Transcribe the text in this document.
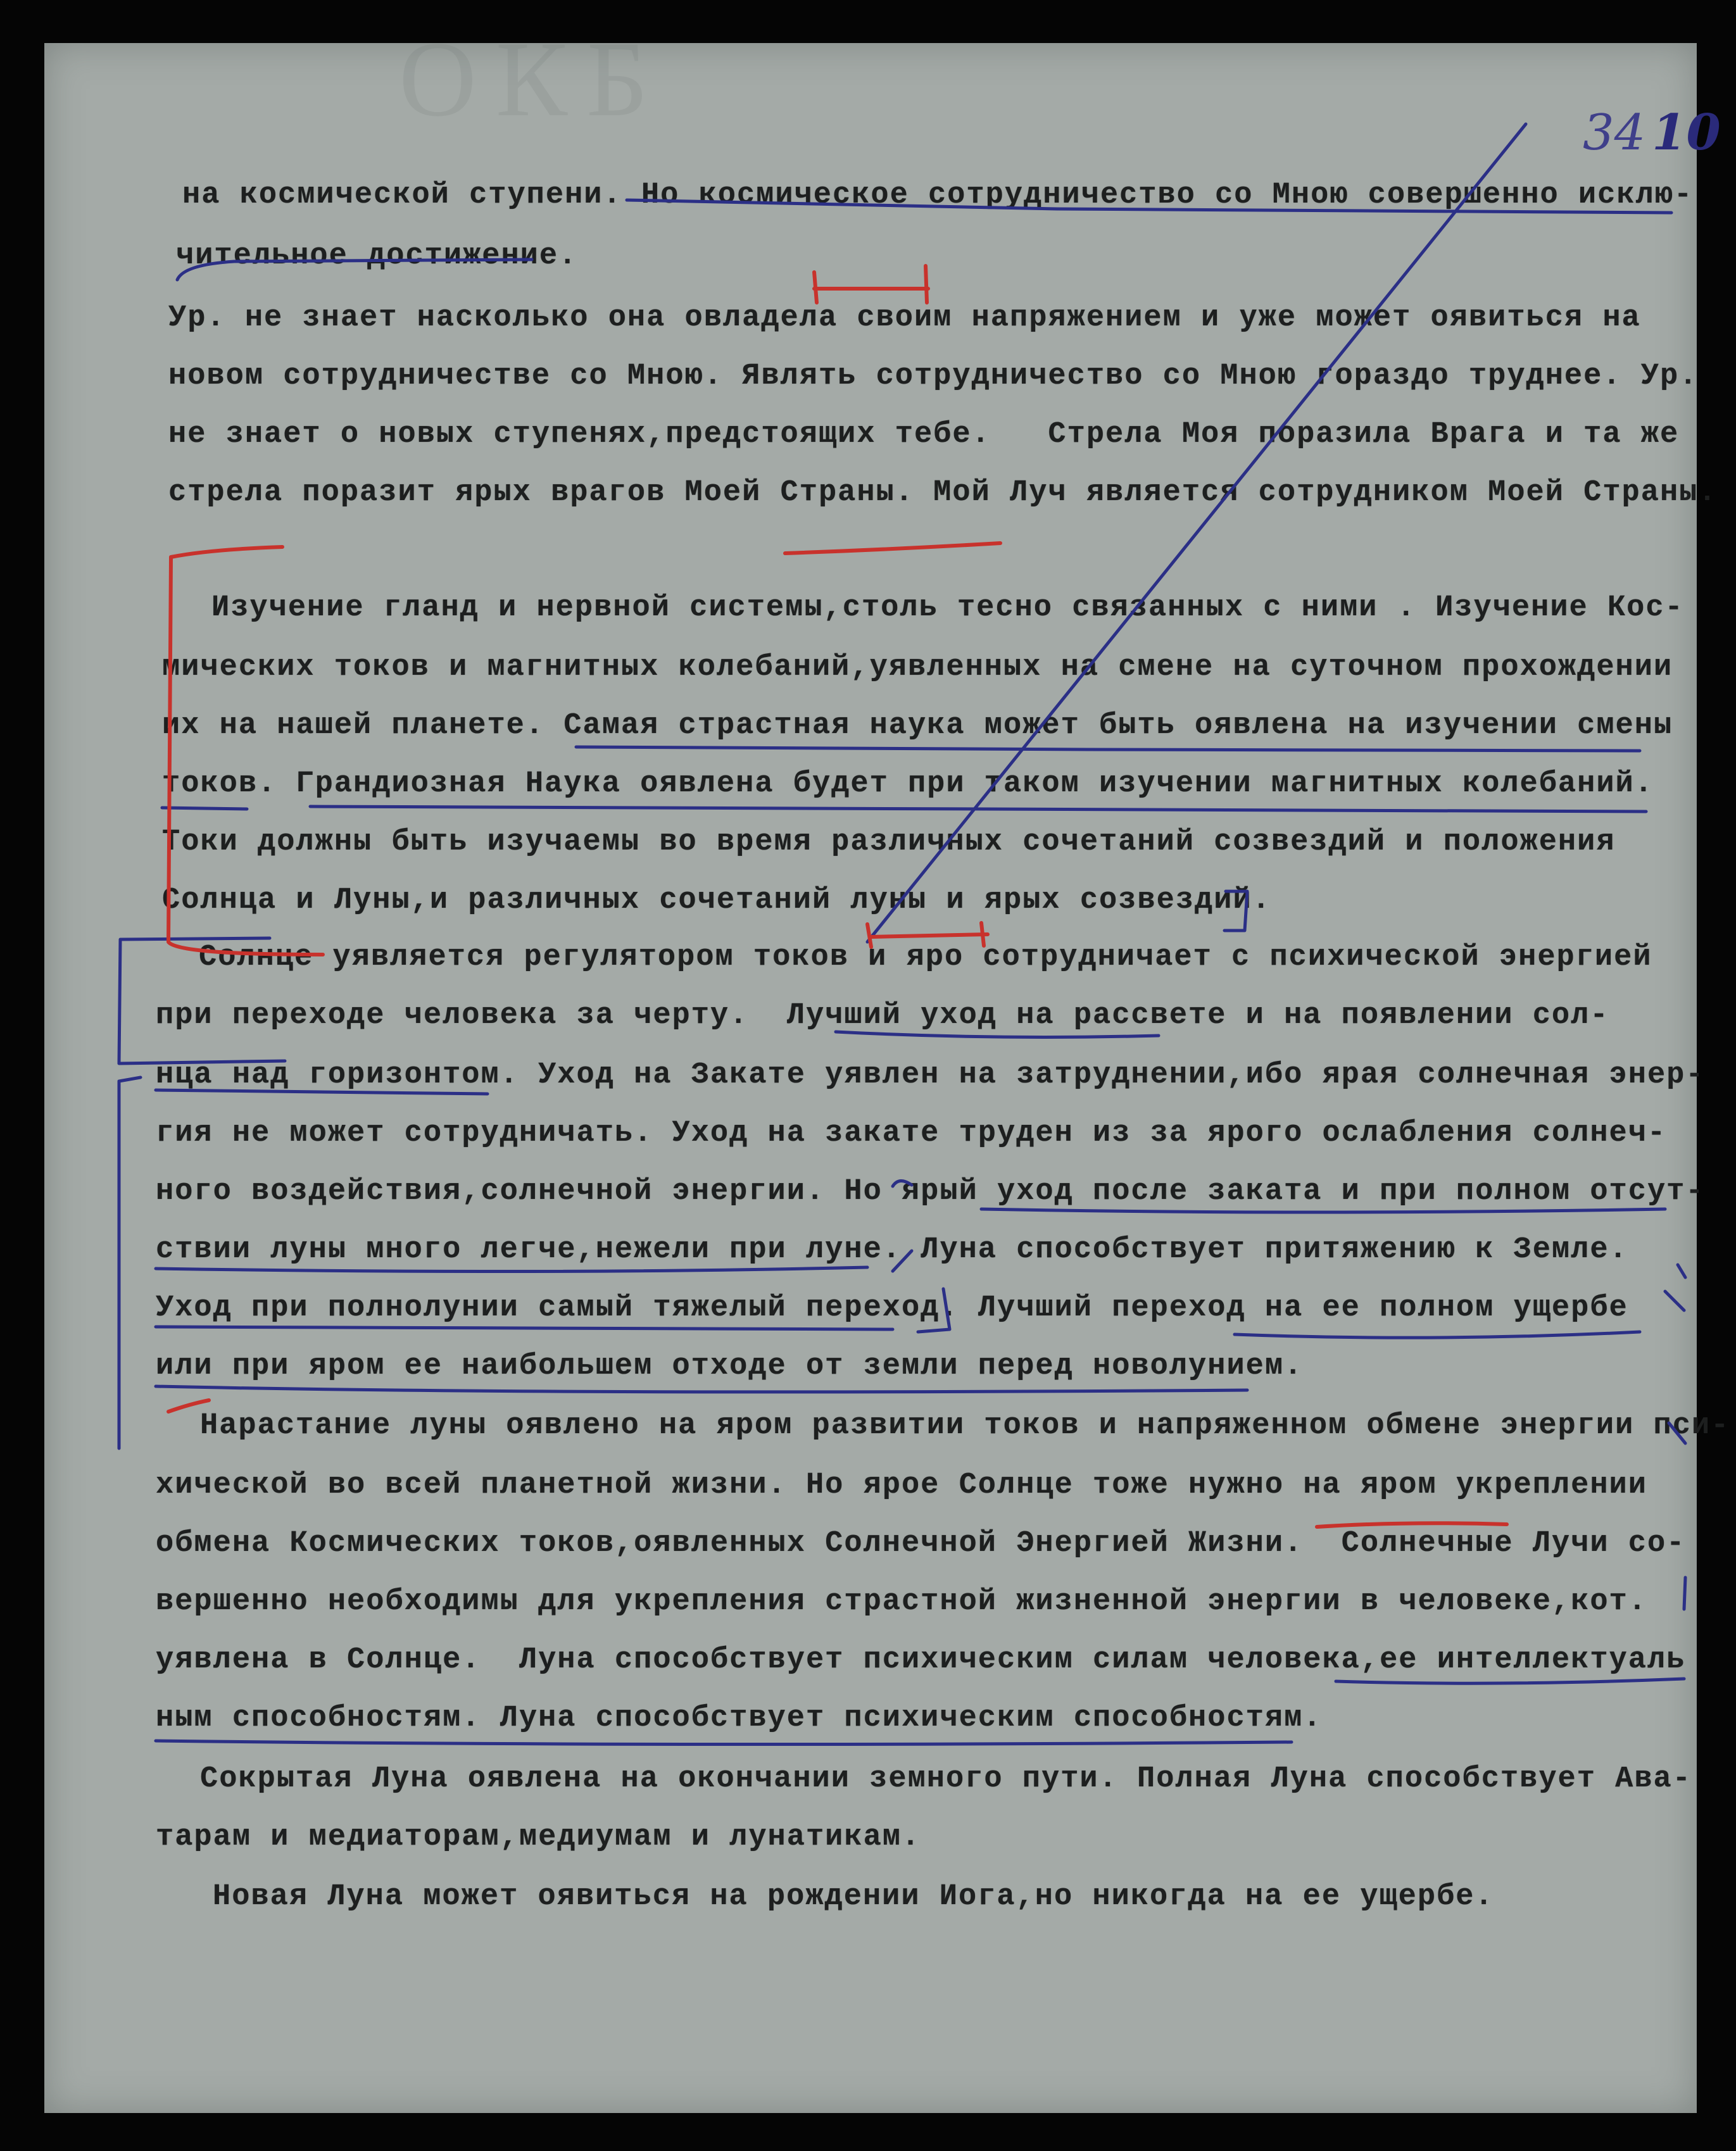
ОКБ	34 10
на космической ступени. Но космическое сотрудничество со Мною совершенно исклю-
чительное достижение.
Ур. не знает насколько она овладела своим напряжением и уже может оявиться на
новом сотрудничестве со Мною. Являть сотрудничество со Мною гораздо труднее. Ур.
не знает о новых ступенях,предстоящих тебе.   Стрела Моя поразила Врага и та же
стрела поразит ярых врагов Моей Страны. Мой Луч является сотрудником Моей Страны.
Изучение гланд и нервной системы,столь тесно связанных с ними . Изучение Кос-
мических токов и магнитных колебаний,уявленных на смене на суточном прохождении
их на нашей планете. Самая страстная наука может быть оявлена на изучении смены
токов. Грандиозная Наука оявлена будет при таком изучении магнитных колебаний.
Токи должны быть изучаемы во время различных сочетаний созвездий и положения
Солнца и Луны,и различных сочетаний луны и ярых созвездий.
Солнце уявляется регулятором токов и яро сотрудничает с психической энергией
при переходе человека за черту.  Лучший уход на рассвете и на появлении сол-
нца над горизонтом. Уход на Закате уявлен на затруднении,ибо ярая солнечная энер-
гия не может сотрудничать. Уход на закате труден из за ярого ослабления солнеч-
ного воздействия,солнечной энергии. Но ярый уход после заката и при полном отсут-
ствии луны много легче,нежели при луне. Луна способствует притяжению к Земле.
Уход при полнолунии самый тяжелый переход. Лучший переход на ее полном ущербе
или при яром ее наибольшем отходе от земли перед новолунием.
Нарастание луны оявлено на яром развитии токов и напряженном обмене энергии пси-
хической во всей планетной жизни. Но ярое Солнце тоже нужно на яром укреплении
обмена Космических токов,оявленных Солнечной Энергией Жизни.  Солнечные Лучи со-
вершенно необходимы для укрепления страстной жизненной энергии в человеке,кот.
уявлена в Солнце.  Луна способствует психическим силам человека,ее интеллектуаль
ным способностям. Луна способствует психическим способностям.
Сокрытая Луна оявлена на окончании земного пути. Полная Луна способствует Ава-
тарам и медиаторам,медиумам и лунатикам.
Новая Луна может оявиться на рождении Иога,но никогда на ее ущербе.
